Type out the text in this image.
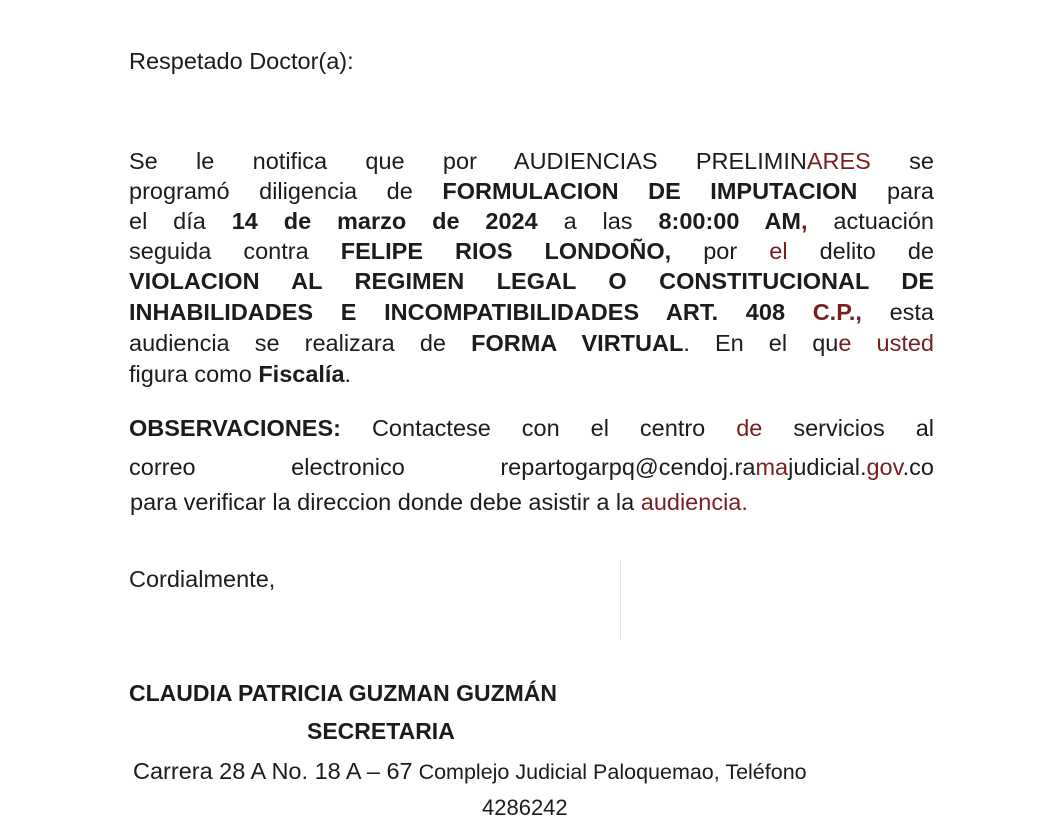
Respetado Doctor(a):
Se le notifica que por AUDIENCIAS PRELIMINARES se
programó diligencia de FORMULACION DE IMPUTACION para
el día 14 de marzo de 2024 a las 8:00:00 AM, actuación
seguida contra FELIPE RIOS LONDOÑO, por el delito de
VIOLACION AL REGIMEN LEGAL O CONSTITUCIONAL DE
INHABILIDADES E INCOMPATIBILIDADES ART. 408 C.P., esta
audiencia se realizara de FORMA VIRTUAL. En el que usted
figura como Fiscalía.
OBSERVACIONES: Contactese con el centro de servicios al
correo electronico repartogarpq@cendoj.ramajudicial.gov.co
para verificar la direccion donde debe asistir a la audiencia.
Cordialmente,
CLAUDIA PATRICIA GUZMAN GUZMÁN
SECRETARIA
Carrera 28 A No. 18 A – 67 Complejo Judicial Paloquemao, Teléfono
4286242
